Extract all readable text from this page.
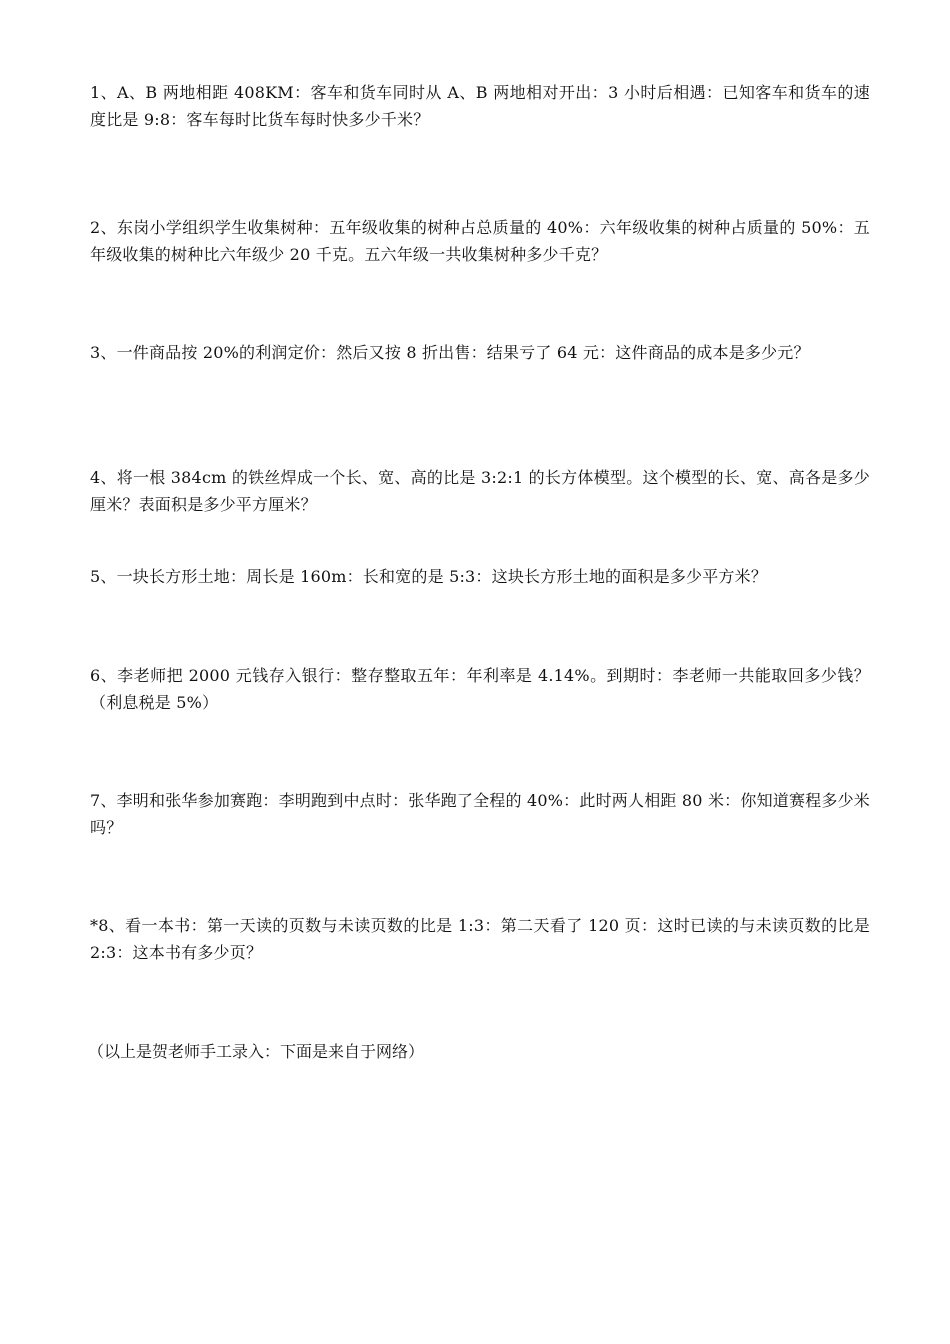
1、A、B 两地相距 408KM：客车和货车同时从 A、B 两地相对开出：3 小时后相遇：已知客车和货车的速度比是 9:8：客车每时比货车每时快多少千米？

2、东岗小学组织学生收集树种：五年级收集的树种占总质量的 40%：六年级收集的树种占质量的 50%：五年级收集的树种比六年级少 20 千克。五六年级一共收集树种多少千克？

3、一件商品按 20%的利润定价：然后又按 8 折出售：结果亏了 64 元：这件商品的成本是多少元？

4、将一根 384cm 的铁丝焊成一个长、宽、高的比是 3:2:1 的长方体模型。这个模型的长、宽、高各是多少厘米？表面积是多少平方厘米？

5、一块长方形土地：周长是 160m：长和宽的是 5:3：这块长方形土地的面积是多少平方米？

6、李老师把 2000 元钱存入银行：整存整取五年：年利率是 4.14%。到期时：李老师一共能取回多少钱？（利息税是 5%）

7、李明和张华参加赛跑：李明跑到中点时：张华跑了全程的 40%：此时两人相距 80 米：你知道赛程多少米吗？

*8、看一本书：第一天读的页数与未读页数的比是 1:3：第二天看了 120 页：这时已读的与未读页数的比是 2:3：这本书有多少页？

（以上是贺老师手工录入：下面是来自于网络）
